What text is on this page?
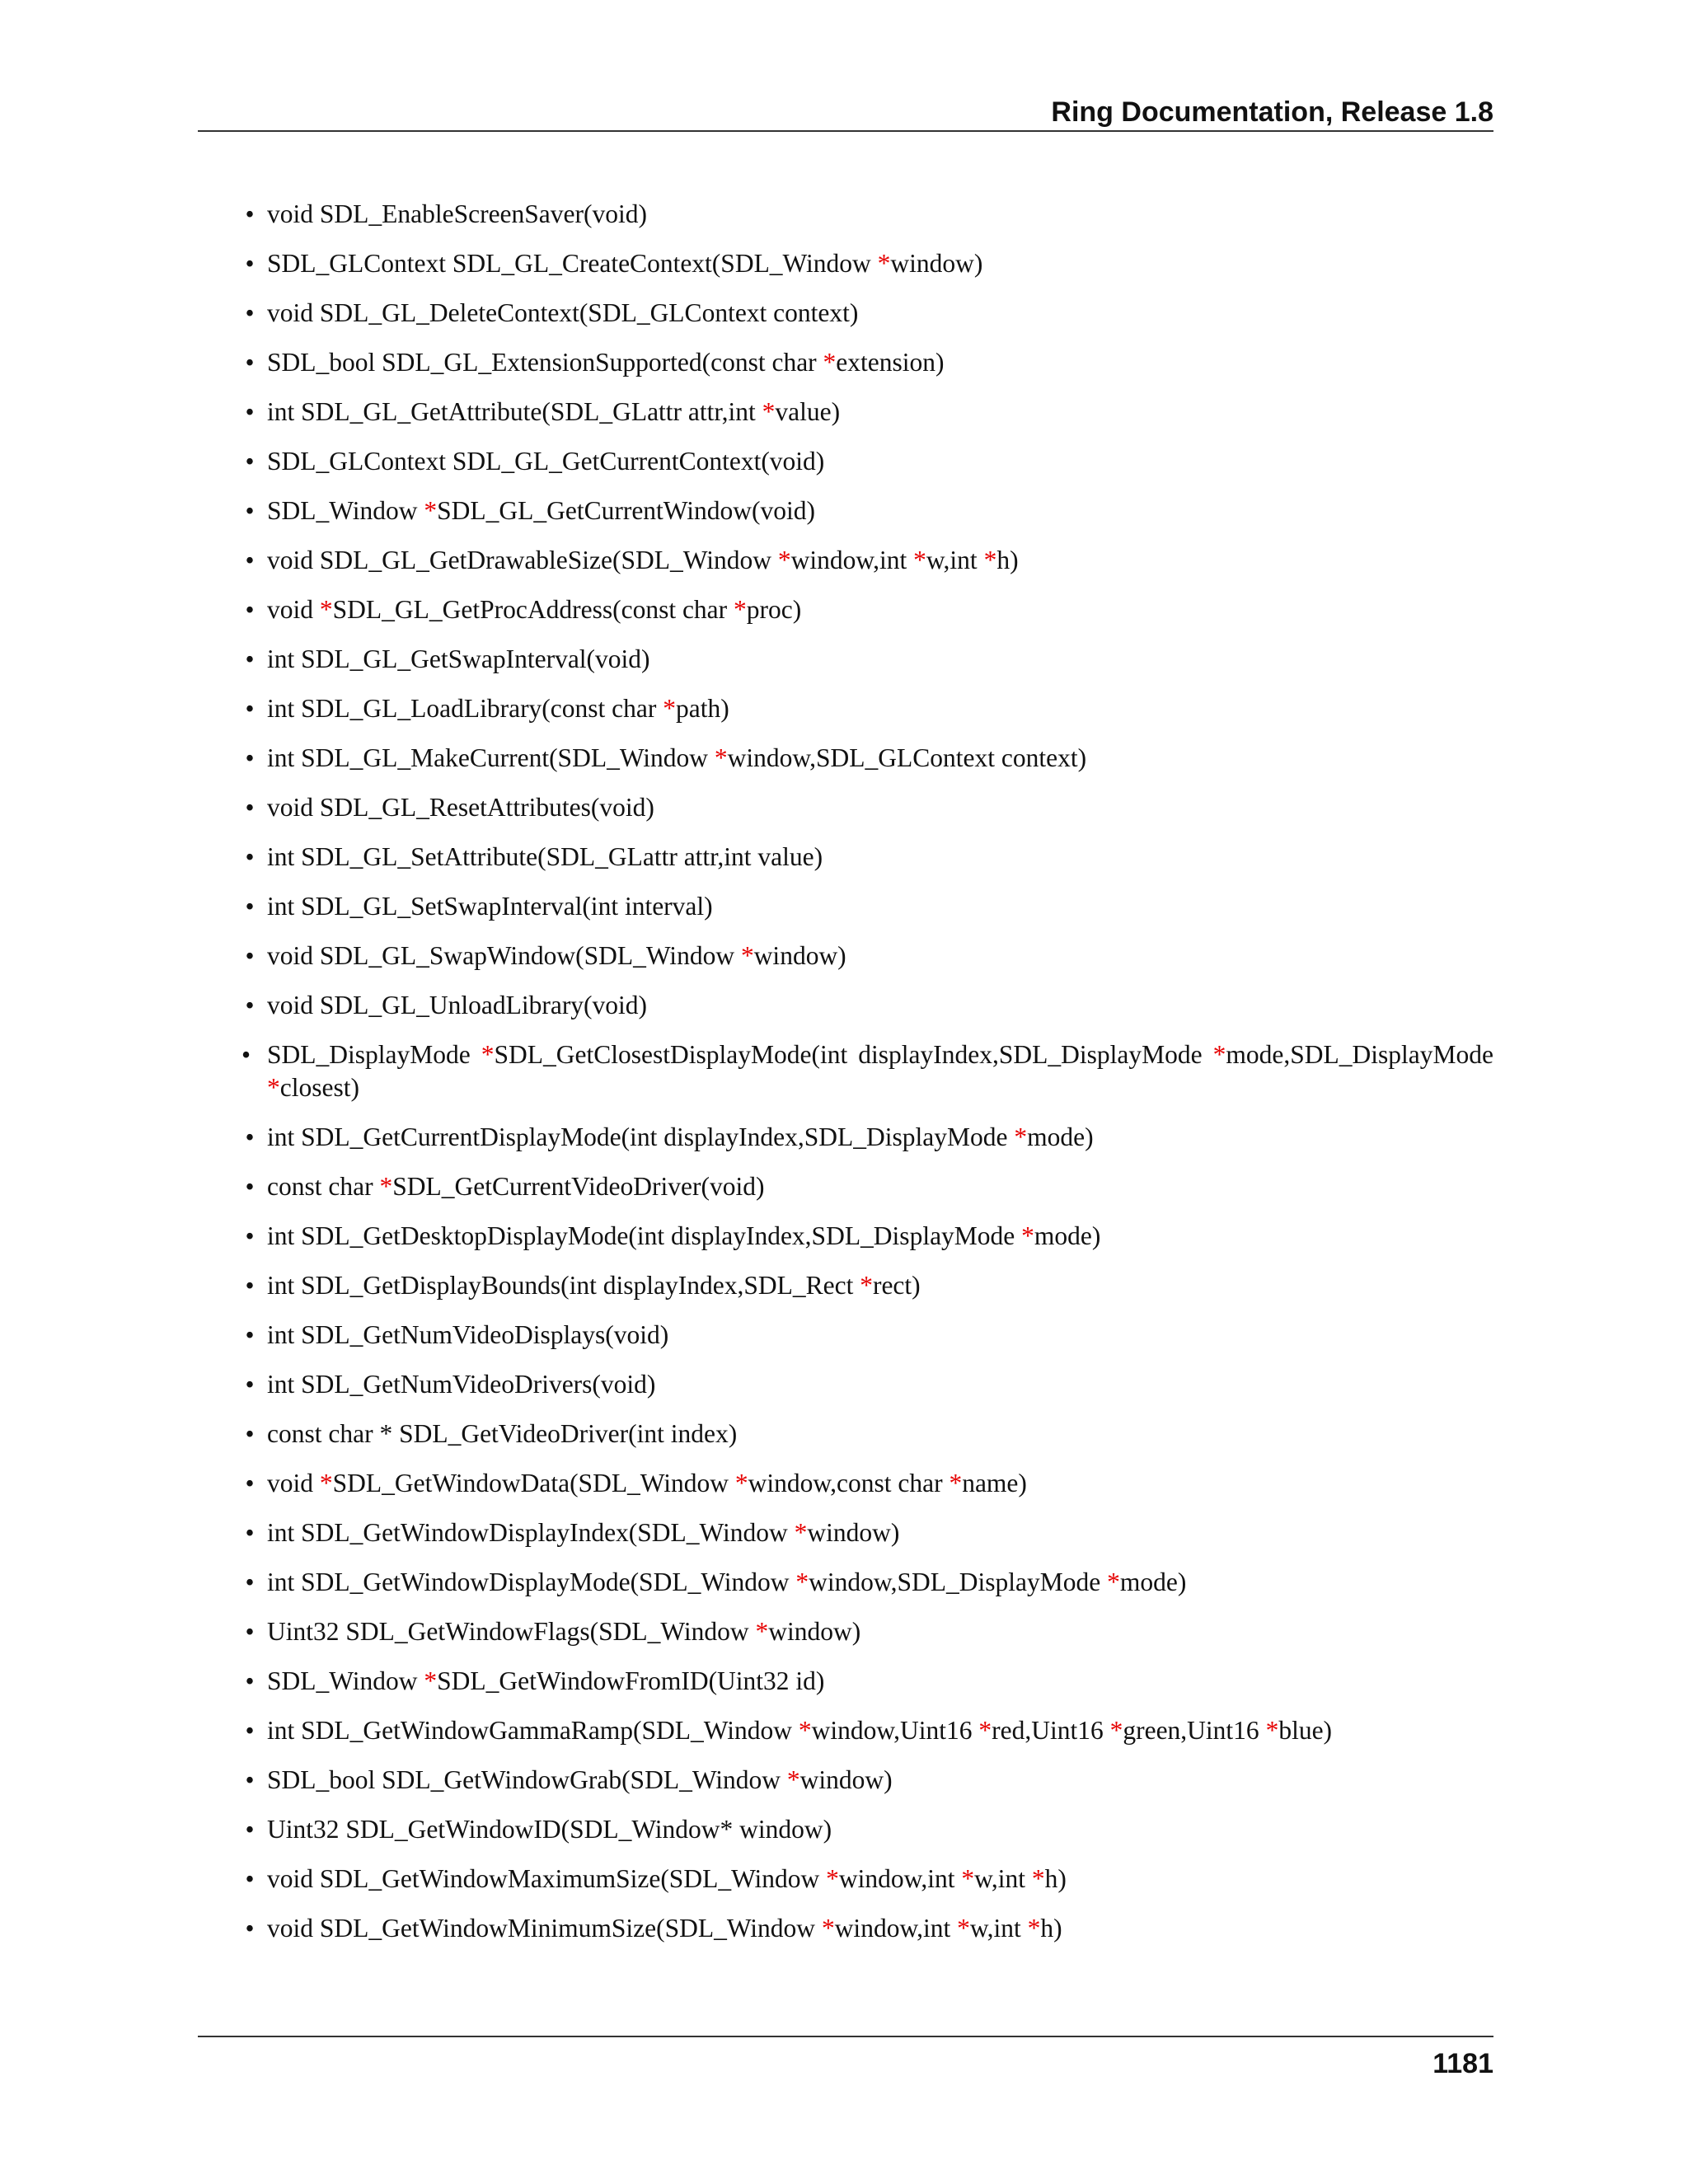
Ring Documentation, Release 1.8
• void SDL_EnableScreenSaver(void)
• SDL_GLContext SDL_GL_CreateContext(SDL_Window *window)
• void SDL_GL_DeleteContext(SDL_GLContext context)
• SDL_bool SDL_GL_ExtensionSupported(const char *extension)
• int SDL_GL_GetAttribute(SDL_GLattr attr,int *value)
• SDL_GLContext SDL_GL_GetCurrentContext(void)
• SDL_Window *SDL_GL_GetCurrentWindow(void)
• void SDL_GL_GetDrawableSize(SDL_Window *window,int *w,int *h)
• void *SDL_GL_GetProcAddress(const char *proc)
• int SDL_GL_GetSwapInterval(void)
• int SDL_GL_LoadLibrary(const char *path)
• int SDL_GL_MakeCurrent(SDL_Window *window,SDL_GLContext context)
• void SDL_GL_ResetAttributes(void)
• int SDL_GL_SetAttribute(SDL_GLattr attr,int value)
• int SDL_GL_SetSwapInterval(int interval)
• void SDL_GL_SwapWindow(SDL_Window *window)
• void SDL_GL_UnloadLibrary(void)
• SDL_DisplayMode *SDL_GetClosestDisplayMode(int displayIndex,SDL_DisplayMode *mode,SDL_DisplayMode *closest)
• int SDL_GetCurrentDisplayMode(int displayIndex,SDL_DisplayMode *mode)
• const char *SDL_GetCurrentVideoDriver(void)
• int SDL_GetDesktopDisplayMode(int displayIndex,SDL_DisplayMode *mode)
• int SDL_GetDisplayBounds(int displayIndex,SDL_Rect *rect)
• int SDL_GetNumVideoDisplays(void)
• int SDL_GetNumVideoDrivers(void)
• const char * SDL_GetVideoDriver(int index)
• void *SDL_GetWindowData(SDL_Window *window,const char *name)
• int SDL_GetWindowDisplayIndex(SDL_Window *window)
• int SDL_GetWindowDisplayMode(SDL_Window *window,SDL_DisplayMode *mode)
• Uint32 SDL_GetWindowFlags(SDL_Window *window)
• SDL_Window *SDL_GetWindowFromID(Uint32 id)
• int SDL_GetWindowGammaRamp(SDL_Window *window,Uint16 *red,Uint16 *green,Uint16 *blue)
• SDL_bool SDL_GetWindowGrab(SDL_Window *window)
• Uint32 SDL_GetWindowID(SDL_Window* window)
• void SDL_GetWindowMaximumSize(SDL_Window *window,int *w,int *h)
• void SDL_GetWindowMinimumSize(SDL_Window *window,int *w,int *h)
1181
